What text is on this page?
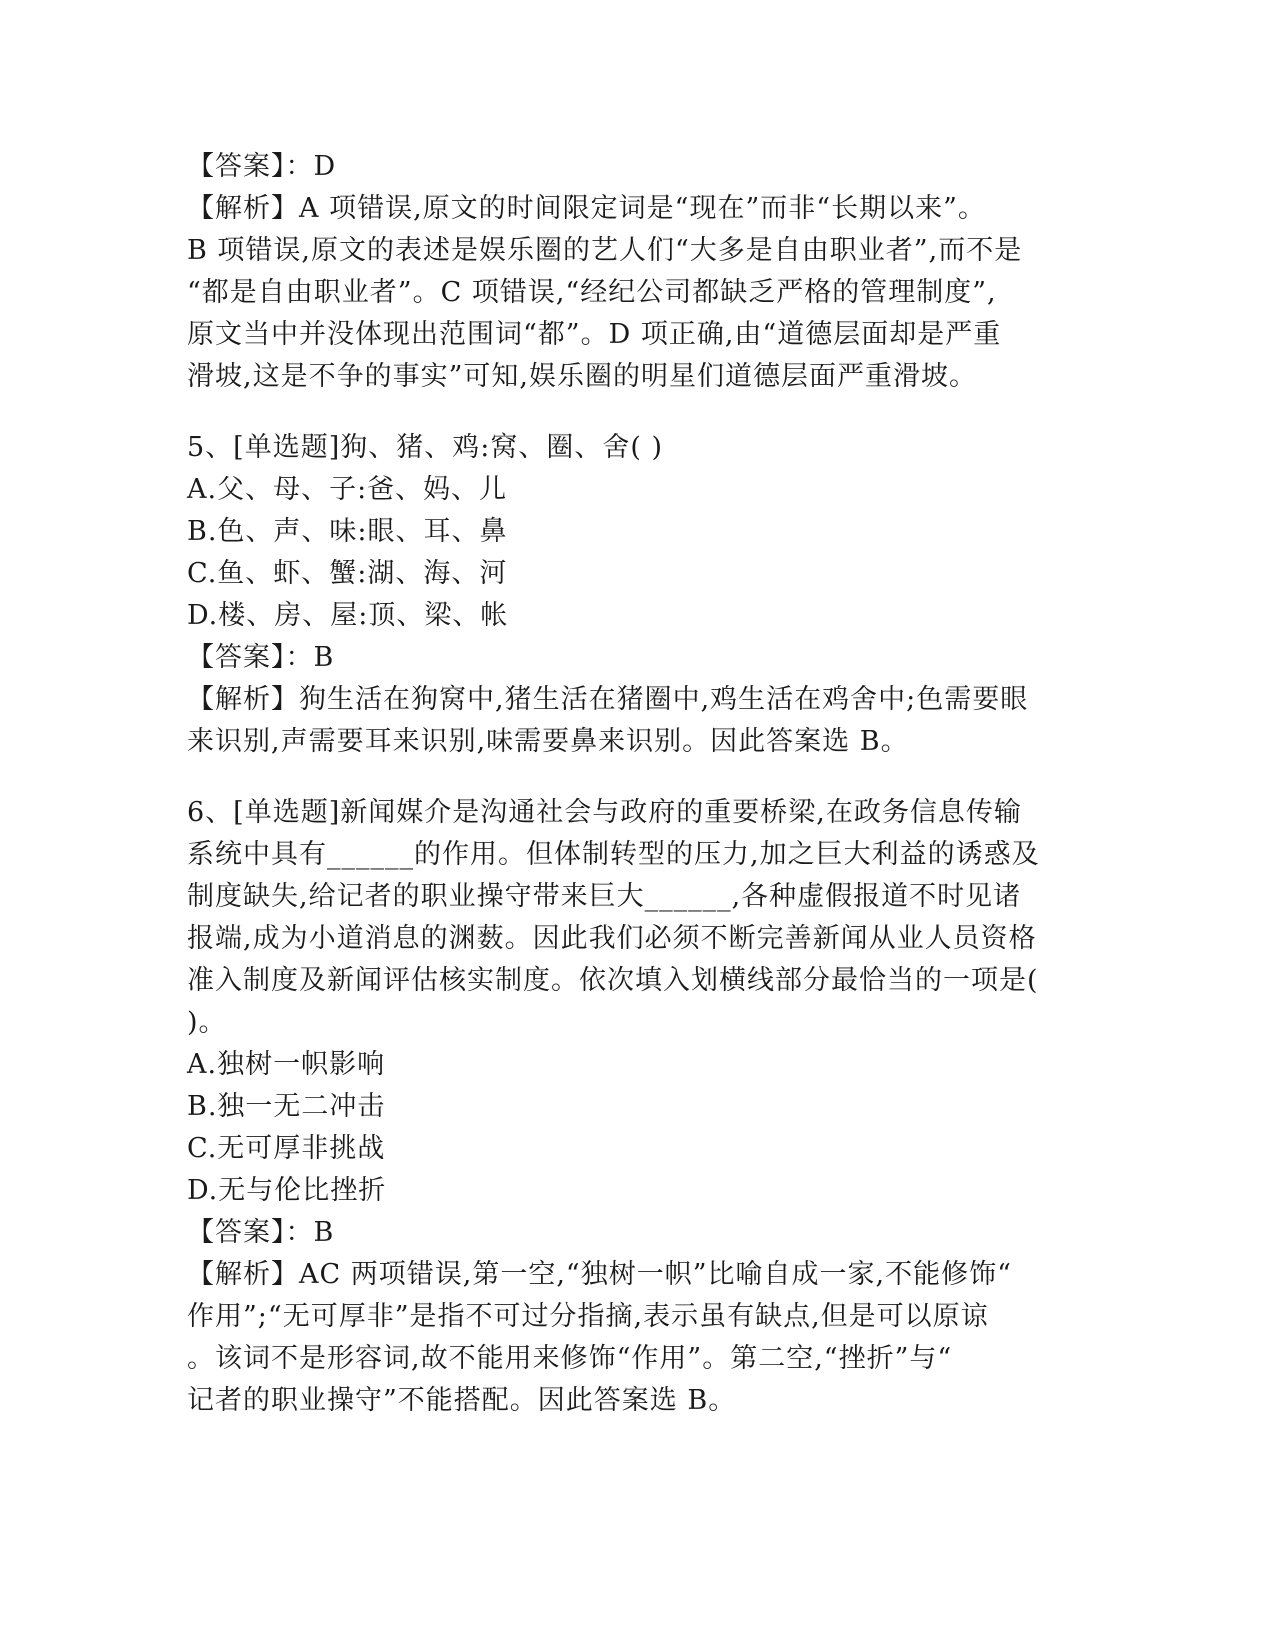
【答案】：D
【解析】A 项错误,原文的时间限定词是“现在”而非“长期以来”。
B 项错误,原文的表述是娱乐圈的艺人们“大多是自由职业者”,而不是
“都是自由职业者”。C 项错误,“经纪公司都缺乏严格的管理制度”,
原文当中并没体现出范围词“都”。D 项正确,由“道德层面却是严重
滑坡,这是不争的事实”可知,娱乐圈的明星们道德层面严重滑坡。
5、[单选题]狗、猪、鸡:窝、圈、舍( )
A.父、母、子:爸、妈、儿
B.色、声、味:眼、耳、鼻
C.鱼、虾、蟹:湖、海、河
D.楼、房、屋:顶、梁、帐
【答案】：B
【解析】狗生活在狗窝中,猪生活在猪圈中,鸡生活在鸡舍中;色需要眼
来识别,声需要耳来识别,味需要鼻来识别。因此答案选 B。
6、[单选题]新闻媒介是沟通社会与政府的重要桥梁,在政务信息传输
系统中具有______的作用。但体制转型的压力,加之巨大利益的诱惑及
制度缺失,给记者的职业操守带来巨大______,各种虚假报道不时见诸
报端,成为小道消息的渊薮。因此我们必须不断完善新闻从业人员资格
准入制度及新闻评估核实制度。依次填入划横线部分最恰当的一项是(
)。
A.独树一帜影响
B.独一无二冲击
C.无可厚非挑战
D.无与伦比挫折
【答案】：B
【解析】AC 两项错误,第一空,“独树一帜”比喻自成一家,不能修饰“
作用”;“无可厚非”是指不可过分指摘,表示虽有缺点,但是可以原谅
。该词不是形容词,故不能用来修饰“作用”。第二空,“挫折”与“
记者的职业操守”不能搭配。因此答案选 B。
